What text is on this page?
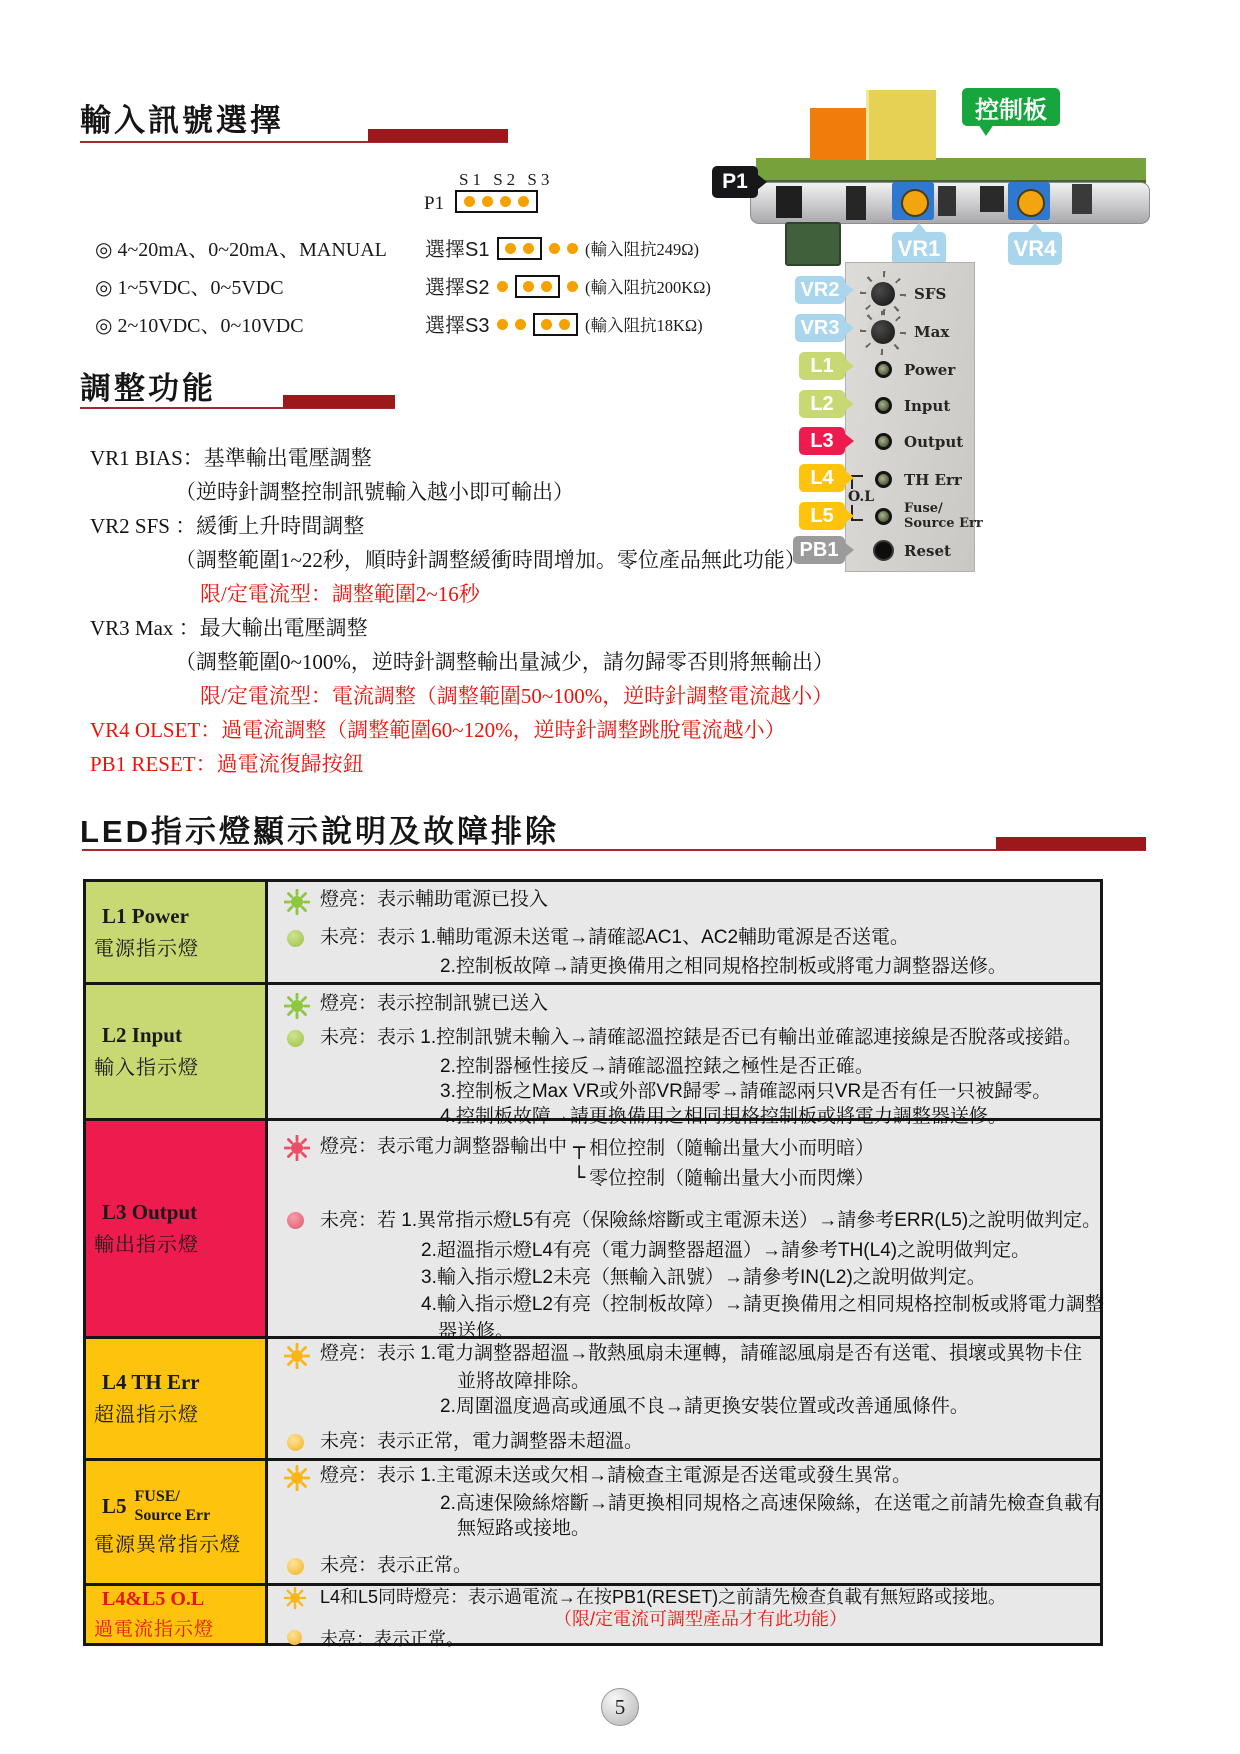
輸入訊號選擇
S1 S2 S3
P1
◎ 4~20mA、0~20mA、MANUAL 選擇S1	(輸入阻抗249Ω)
◎ 1~5VDC、0~5VDC	選擇S2	(輸入阻抗200KΩ)
◎ 2~10VDC、0~10VDC	選擇S3	(輸入阻抗18KΩ)
控制板
P1
VR1	VR4
SFS
Max
Power
Input
Output
TH Err
Fuse/
Source Err
Reset
O.L
VR2
VR3
L1
L2
L3
L4
L5
PB1
調整功能
VR1 BIAS：基準輸出電壓調整
（逆時針調整控制訊號輸入越小即可輸出）
VR2 SFS ：緩衝上升時間調整
（調整範圍1~22秒，順時針調整緩衝時間增加。零位產品無此功能）
限/定電流型：調整範圍2~16秒
VR3 Max ：最大輸出電壓調整
（調整範圍0~100%，逆時針調整輸出量減少，請勿歸零否則將無輸出）
限/定電流型：電流調整（調整範圍50~100%，逆時針調整電流越小）
VR4 OLSET：過電流調整（調整範圍60~120%，逆時針調整跳脫電流越小）
PB1 RESET：過電流復歸按鈕
LED指示燈顯示說明及故障排除
L1 Power
電源指示燈
燈亮：表示輔助電源已投入
未亮：表示 1.輔助電源未送電→請確認AC1、AC2輔助電源是否送電。
2.控制板故障→請更換備用之相同規格控制板或將電力調整器送修。
L2 Input
輸入指示燈
燈亮：表示控制訊號已送入
未亮：表示 1.控制訊號未輸入→請確認溫控錶是否已有輸出並確認連接線是否脫落或接錯。
2.控制器極性接反→請確認溫控錶之極性是否正確。
3.控制板之Max VR或外部VR歸零→請確認兩只VR是否有任一只被歸零。
4.控制板故障→請更換備用之相同規格控制板或將電力調整器送修。
L3 Output
輸出指示燈
燈亮：表示電力調整器輸出中 ┬ 相位控制（隨輸出量大小而明暗）
└ 零位控制（隨輸出量大小而閃爍）
未亮：若 1.異常指示燈L5有亮（保險絲熔斷或主電源未送）→請參考ERR(L5)之說明做判定。
2.超溫指示燈L4有亮（電力調整器超溫）→請參考TH(L4)之說明做判定。
3.輸入指示燈L2未亮（無輸入訊號）→請參考IN(L2)之說明做判定。
4.輸入指示燈L2有亮（控制板故障）→請更換備用之相同規格控制板或將電力調整
器送修。
L4 TH Err
超溫指示燈
燈亮：表示 1.電力調整器超溫→散熱風扇未運轉，請確認風扇是否有送電、損壞或異物卡住
並將故障排除。
2.周圍溫度過高或通風不良→請更換安裝位置或改善通風條件。
未亮：表示正常，電力調整器未超溫。
L5 FUSE/
Source Err
電源異常指示燈
燈亮：表示 1.主電源未送或欠相→請檢查主電源是否送電或發生異常。
2.高速保險絲熔斷→請更換相同規格之高速保險絲，在送電之前請先檢查負載有
無短路或接地。
未亮：表示正常。
L4&L5 O.L
過電流指示燈
L4和L5同時燈亮：表示過電流→在按PB1(RESET)之前請先檢查負載有無短路或接地。
（限/定電流可調型產品才有此功能）
未亮：表示正常。
5
